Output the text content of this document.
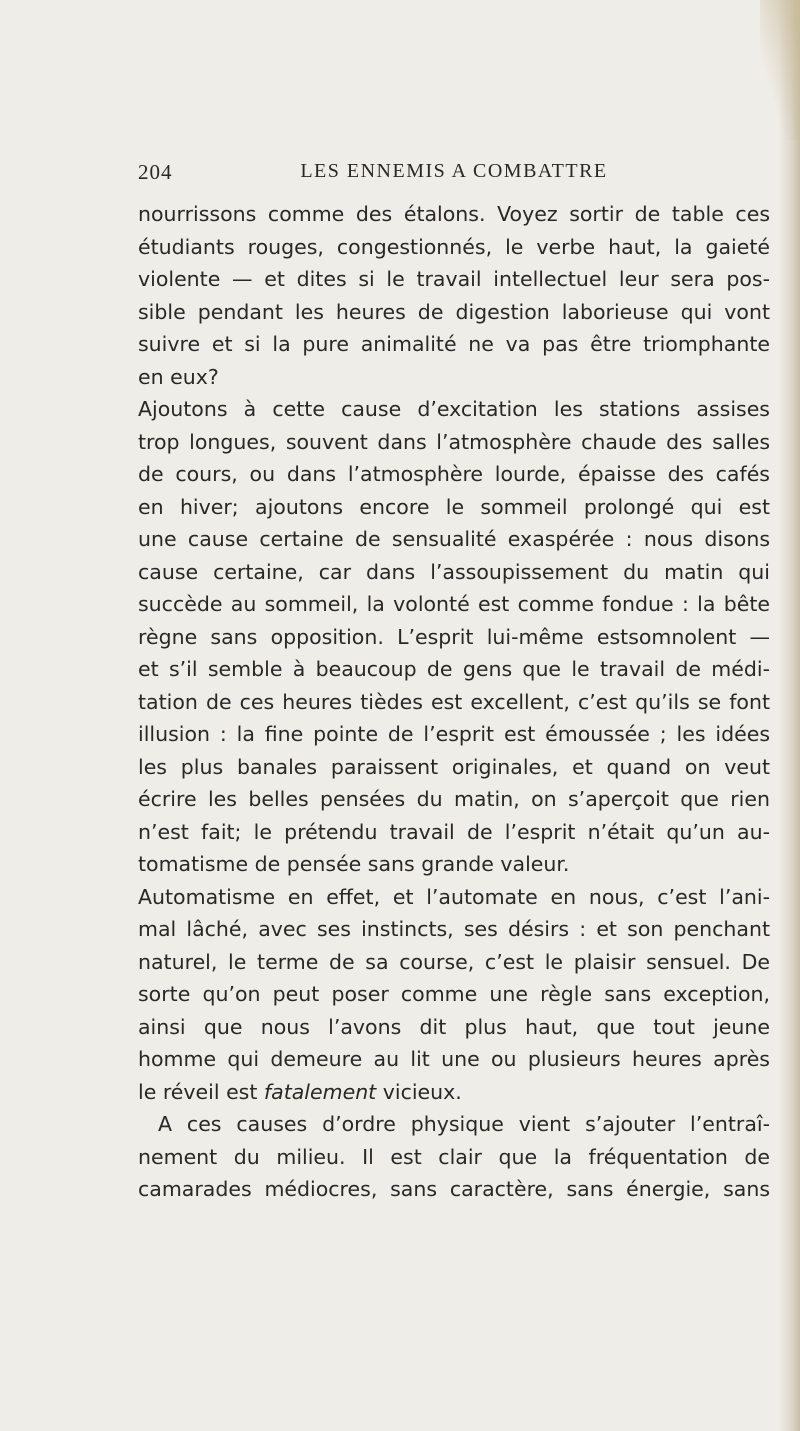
204	LES ENNEMIS A COMBATTRE
nourrissons comme des étalons. Voyez sortir de table ces
étudiants rouges, congestionnés, le verbe haut, la gaieté
violente — et dites si le travail intellectuel leur sera pos-
sible pendant les heures de digestion laborieuse qui vont
suivre et si la pure animalité ne va pas être triomphante
en eux?
Ajoutons à cette cause d’excitation les stations assises
trop longues, souvent dans l’atmosphère chaude des salles
de cours, ou dans l’atmosphère lourde, épaisse des cafés
en hiver; ajoutons encore le sommeil prolongé qui est
une cause certaine de sensualité exaspérée : nous disons
cause certaine, car dans l’assoupissement du matin qui
succède au sommeil, la volonté est comme fondue : la bête
règne sans opposition. L’esprit lui-même estsomnolent —
et s’il semble à beaucoup de gens que le travail de médi-
tation de ces heures tièdes est excellent, c’est qu’ils se font
illusion : la fine pointe de l’esprit est émoussée ; les idées
les plus banales paraissent originales, et quand on veut
écrire les belles pensées du matin, on s’aperçoit que rien
n’est fait; le prétendu travail de l’esprit n’était qu’un au-
tomatisme de pensée sans grande valeur.
Automatisme en effet, et l’automate en nous, c’est l’ani-
mal lâché, avec ses instincts, ses désirs : et son penchant
naturel, le terme de sa course, c’est le plaisir sensuel. De
sorte qu’on peut poser comme une règle sans exception,
ainsi que nous l’avons dit plus haut, que tout jeune
homme qui demeure au lit une ou plusieurs heures après
le réveil est fatalement vicieux.
A ces causes d’ordre physique vient s’ajouter l’entraî-
nement du milieu. Il est clair que la fréquentation de
camarades médiocres, sans caractère, sans énergie, sans
